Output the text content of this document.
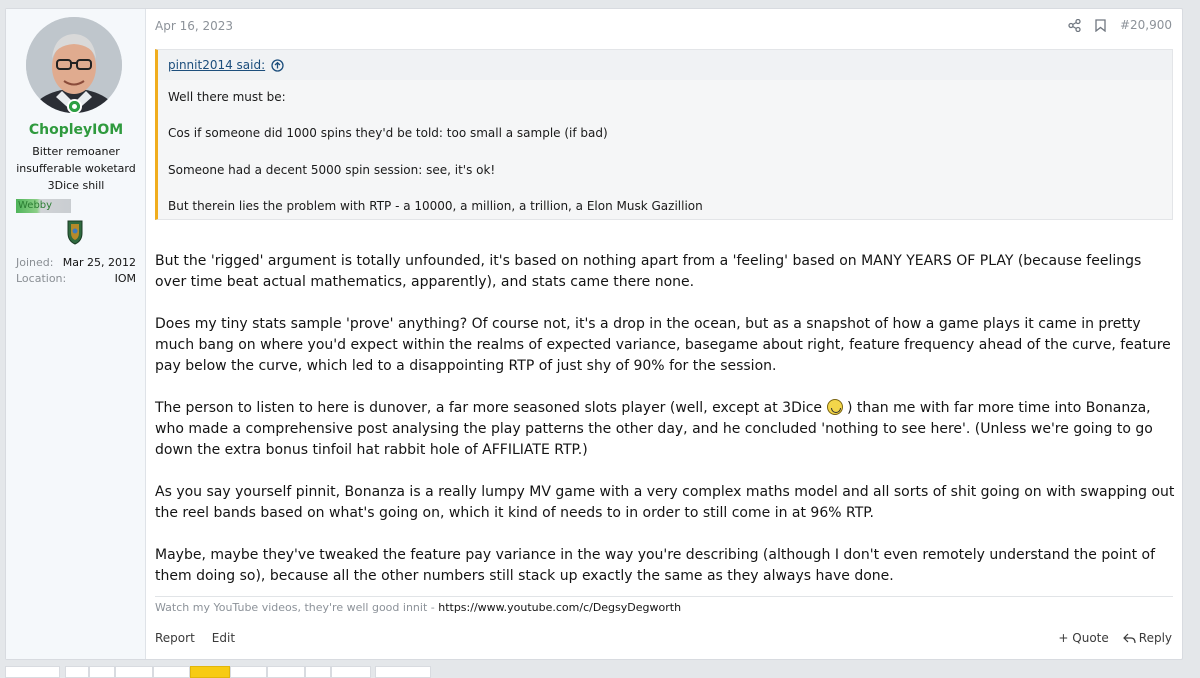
ChopleyIOM
Bitter remoaner insufferable woketard 3Dice shill
Webby
Joined: Mar 25, 2012
Location:	IOM
Apr 16, 2023	#20,900
pinnit2014 said:

Well there must be:

Cos if someone did 1000 spins they'd be told: too small a sample (if bad)

Someone had a decent 5000 spin session: see, it's ok!

But therein lies the problem with RTP - a 10000, a million, a trillion, a Elon Musk Gazillion

But the 'rigged' argument is totally unfounded, it's based on nothing apart from a 'feeling' based on MANY YEARS OF PLAY (because feelings over time beat actual mathematics, apparently), and stats came there none.

Does my tiny stats sample 'prove' anything? Of course not, it's a drop in the ocean, but as a snapshot of how a game plays it came in pretty much bang on where you'd expect within the realms of expected variance, basegame about right, feature frequency ahead of the curve, feature pay below the curve, which led to a disappointing RTP of just shy of 90% for the session.

The person to listen to here is dunover, a far more seasoned slots player (well, except at 3Dice ) than me with far more time into Bonanza, who made a comprehensive post analysing the play patterns the other day, and he concluded 'nothing to see here'. (Unless we're going to go down the extra bonus tinfoil hat rabbit hole of AFFILIATE RTP.)

As you say yourself pinnit, Bonanza is a really lumpy MV game with a very complex maths model and all sorts of shit going on with swapping out the reel bands based on what's going on, which it kind of needs to in order to still come in at 96% RTP.

Maybe, maybe they've tweaked the feature pay variance in the way you're describing (although I don't even remotely understand the point of them doing so), because all the other numbers still stack up exactly the same as they always have done.

Watch my YouTube videos, they're well good innit - https://www.youtube.com/c/DegsyDegworth
Report Edit	+ Quote	Reply
